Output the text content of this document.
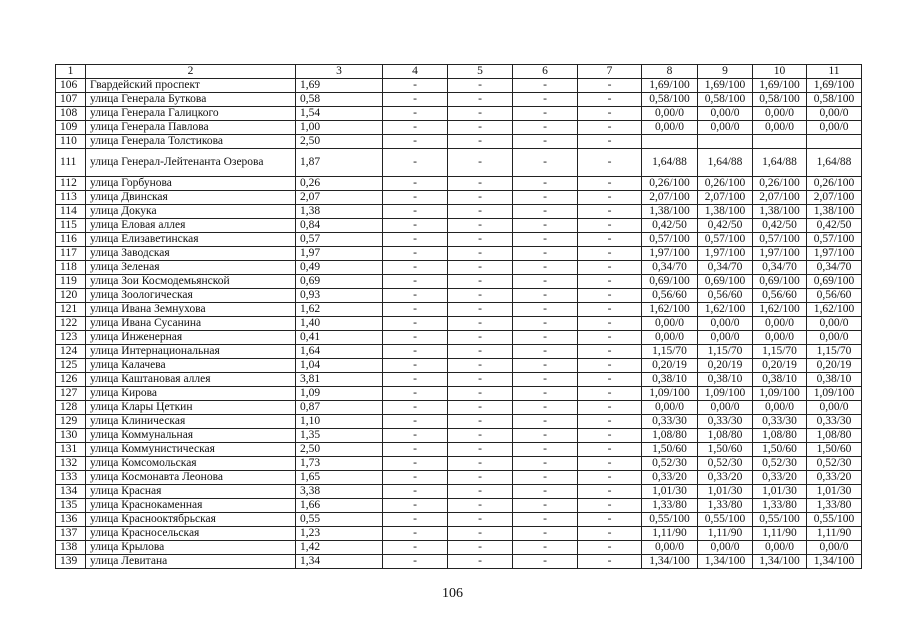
1	2	3	4	5	6	7	8	9	10	11
106	Гвардейский проспект	1,69	-	-	-	-	1,69/100	1,69/100	1,69/100	1,69/100
107	улица Генерала Буткова	0,58	-	-	-	-	0,58/100	0,58/100	0,58/100	0,58/100
108	улица Генерала Галицкого	1,54	-	-	-	-	0,00/0	0,00/0	0,00/0	0,00/0
109	улица Генерала Павлова	1,00	-	-	-	-	0,00/0	0,00/0	0,00/0	0,00/0
110	улица Генерала Толстикова	2,50	-	-	-	-				
111	улица Генерал-Лейтенанта Озерова	1,87	-	-	-	-	1,64/88	1,64/88	1,64/88	1,64/88
112	улица Горбунова	0,26	-	-	-	-	0,26/100	0,26/100	0,26/100	0,26/100
113	улица Двинская	2,07	-	-	-	-	2,07/100	2,07/100	2,07/100	2,07/100
114	улица Докука	1,38	-	-	-	-	1,38/100	1,38/100	1,38/100	1,38/100
115	улица Еловая аллея	0,84	-	-	-	-	0,42/50	0,42/50	0,42/50	0,42/50
116	улица Елизаветинская	0,57	-	-	-	-	0,57/100	0,57/100	0,57/100	0,57/100
117	улица Заводская	1,97	-	-	-	-	1,97/100	1,97/100	1,97/100	1,97/100
118	улица Зеленая	0,49	-	-	-	-	0,34/70	0,34/70	0,34/70	0,34/70
119	улица Зои Космодемьянской	0,69	-	-	-	-	0,69/100	0,69/100	0,69/100	0,69/100
120	улица Зоологическая	0,93	-	-	-	-	0,56/60	0,56/60	0,56/60	0,56/60
121	улица Ивана Земнухова	1,62	-	-	-	-	1,62/100	1,62/100	1,62/100	1,62/100
122	улица Ивана Сусанина	1,40	-	-	-	-	0,00/0	0,00/0	0,00/0	0,00/0
123	улица Инженерная	0,41	-	-	-	-	0,00/0	0,00/0	0,00/0	0,00/0
124	улица Интернациональная	1,64	-	-	-	-	1,15/70	1,15/70	1,15/70	1,15/70
125	улица Калачева	1,04	-	-	-	-	0,20/19	0,20/19	0,20/19	0,20/19
126	улица Каштановая аллея	3,81	-	-	-	-	0,38/10	0,38/10	0,38/10	0,38/10
127	улица Кирова	1,09	-	-	-	-	1,09/100	1,09/100	1,09/100	1,09/100
128	улица Клары Цеткин	0,87	-	-	-	-	0,00/0	0,00/0	0,00/0	0,00/0
129	улица Клиническая	1,10	-	-	-	-	0,33/30	0,33/30	0,33/30	0,33/30
130	улица Коммунальная	1,35	-	-	-	-	1,08/80	1,08/80	1,08/80	1,08/80
131	улица Коммунистическая	2,50	-	-	-	-	1,50/60	1,50/60	1,50/60	1,50/60
132	улица Комсомольская	1,73	-	-	-	-	0,52/30	0,52/30	0,52/30	0,52/30
133	улица Космонавта Леонова	1,65	-	-	-	-	0,33/20	0,33/20	0,33/20	0,33/20
134	улица Красная	3,38	-	-	-	-	1,01/30	1,01/30	1,01/30	1,01/30
135	улица Краснокаменная	1,66	-	-	-	-	1,33/80	1,33/80	1,33/80	1,33/80
136	улица Краснооктябрьская	0,55	-	-	-	-	0,55/100	0,55/100	0,55/100	0,55/100
137	улица Красносельская	1,23	-	-	-	-	1,11/90	1,11/90	1,11/90	1,11/90
138	улица Крылова	1,42	-	-	-	-	0,00/0	0,00/0	0,00/0	0,00/0
139	улица Левитана	1,34	-	-	-	-	1,34/100	1,34/100	1,34/100	1,34/100
106
